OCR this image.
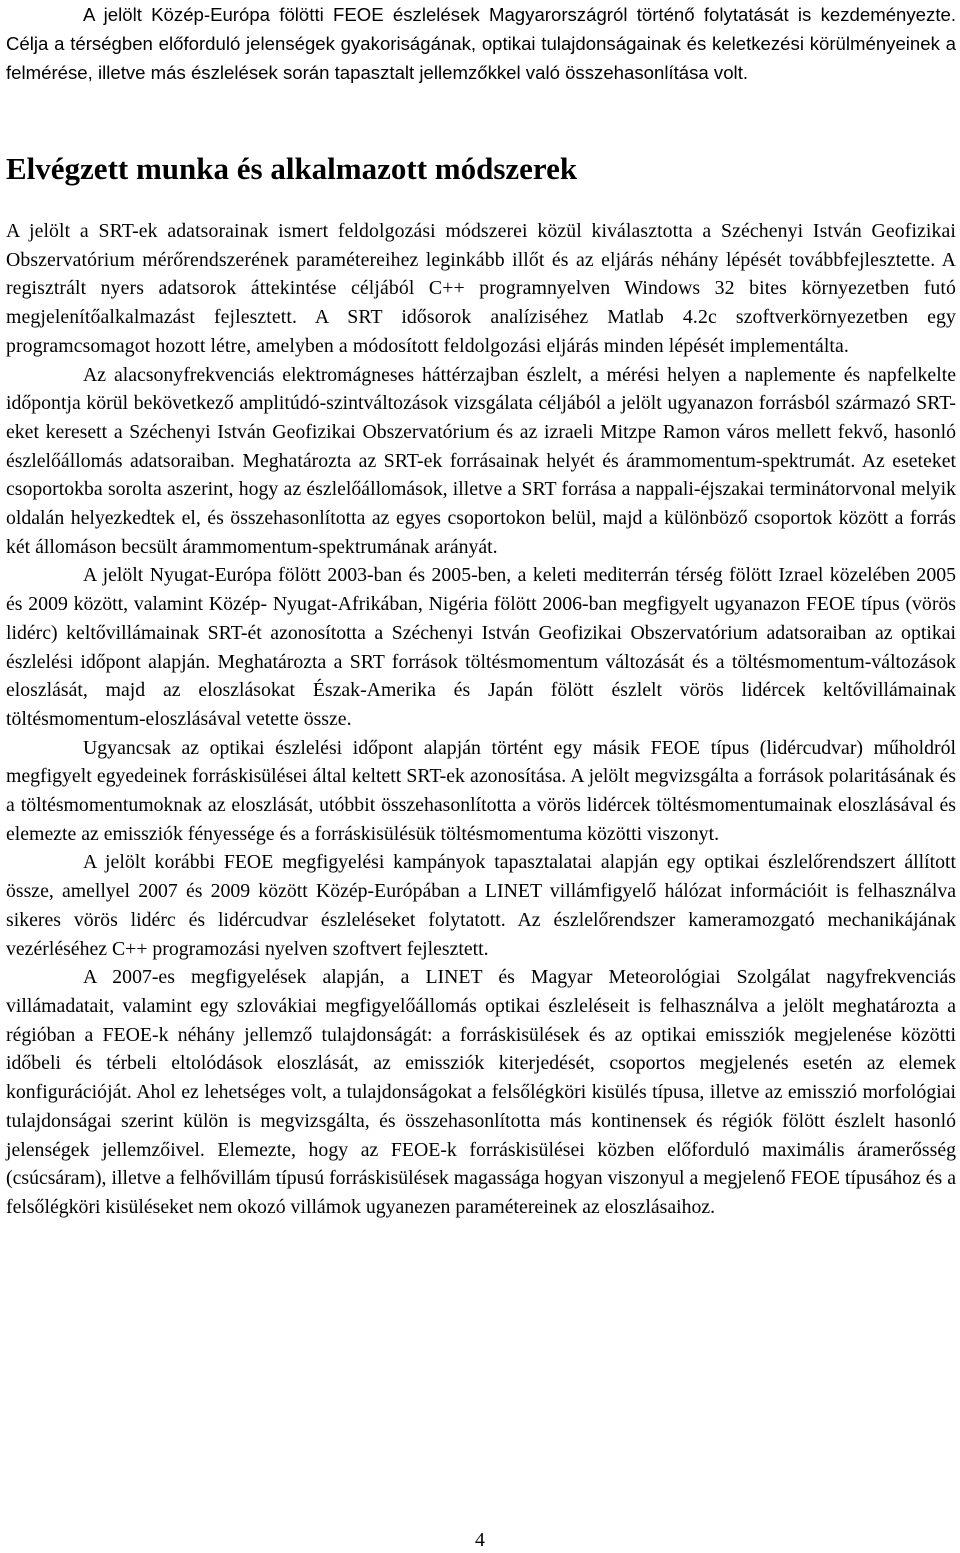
A jelölt Közép-Európa fölötti FEOE észlelések Magyarországról történő folytatását is kezdeményezte. Célja a térségben előforduló jelenségek gyakoriságának, optikai tulajdonságainak és keletkezési körülményeinek a felmérése, illetve más észlelések során tapasztalt jellemzőkkel való összehasonlítása volt.

Elvégzett munka és alkalmazott módszerek

A jelölt a SRT-ek adatsorainak ismert feldolgozási módszerei közül kiválasztotta a Széchenyi István Geofizikai Obszervatórium mérőrendszerének paramétereihez leginkább illőt és az eljárás néhány lépését továbbfejlesztette. A regisztrált nyers adatsorok áttekintése céljából C++ programnyelven Windows 32 bites környezetben futó megjelenítőalkalmazást fejlesztett. A SRT idősorok analíziséhez Matlab 4.2c szoftverkörnyezetben egy programcsomagot hozott létre, amelyben a módosított feldolgozási eljárás minden lépését implementálta.

Az alacsonyfrekvenciás elektromágneses háttérzajban észlelt, a mérési helyen a naplemente és napfelkelte időpontja körül bekövetkező amplitúdó-szintváltozások vizsgálata céljából a jelölt ugyanazon forrásból származó SRT-eket keresett a Széchenyi István Geofizikai Obszervatórium és az izraeli Mitzpe Ramon város mellett fekvő, hasonló észlelőállomás adatsoraiban. Meghatározta az SRT-ek forrásainak helyét és árammomentum-spektrumát. Az eseteket csoportokba sorolta aszerint, hogy az észlelőállomások, illetve a SRT forrása a nappali-éjszakai terminátorvonal melyik oldalán helyezkedtek el, és összehasonlította az egyes csoportokon belül, majd a különböző csoportok között a forrás két állomáson becsült árammomentum-spektrumának arányát.

A jelölt Nyugat-Európa fölött 2003-ban és 2005-ben, a keleti mediterrán térség fölött Izrael közelében 2005 és 2009 között, valamint Közép- Nyugat-Afrikában, Nigéria fölött 2006-ban megfigyelt ugyanazon FEOE típus (vörös lidérc) keltővillámainak SRT-ét azonosította a Széchenyi István Geofizikai Obszervatórium adatsoraiban az optikai észlelési időpont alapján. Meghatározta a SRT források töltésmomentum változását és a töltésmomentum-változások eloszlását, majd az eloszlásokat Észak-Amerika és Japán fölött észlelt vörös lidércek keltővillámainak töltésmomentum-eloszlásával vetette össze.

Ugyancsak az optikai észlelési időpont alapján történt egy másik FEOE típus (lidércudvar) műholdról megfigyelt egyedeinek forráskisülései által keltett SRT-ek azonosítása. A jelölt megvizsgálta a források polaritásának és a töltésmomentumoknak az eloszlását, utóbbit összehasonlította a vörös lidércek töltésmomentumainak eloszlásával és elemezte az emissziók fényessége és a forráskisülésük töltésmomentuma közötti viszonyt.

A jelölt korábbi FEOE megfigyelési kampányok tapasztalatai alapján egy optikai észlelőrendszert állított össze, amellyel 2007 és 2009 között Közép-Európában a LINET villámfigyelő hálózat információit is felhasználva sikeres vörös lidérc és lidércudvar észleléseket folytatott. Az észlelőrendszer kameramozgató mechanikájának vezérléséhez C++ programozási nyelven szoftvert fejlesztett.

A 2007-es megfigyelések alapján, a LINET és Magyar Meteorológiai Szolgálat nagyfrekvenciás villámadatait, valamint egy szlovákiai megfigyelőállomás optikai észleléseit is felhasználva a jelölt meghatározta a régióban a FEOE-k néhány jellemző tulajdonságát: a forráskisülések és az optikai emissziók megjelenése közötti időbeli és térbeli eltolódások eloszlását, az emissziók kiterjedését, csoportos megjelenés esetén az elemek konfigurációját. Ahol ez lehetséges volt, a tulajdonságokat a felsőlégköri kisülés típusa, illetve az emisszió morfológiai tulajdonságai szerint külön is megvizsgálta, és összehasonlította más kontinensek és régiók fölött észlelt hasonló jelenségek jellemzőivel. Elemezte, hogy az FEOE-k forráskisülései közben előforduló maximális áramerősség (csúcsáram), illetve a felhővillám típusú forráskisülések magassága hogyan viszonyul a megjelenő FEOE típusához és a felsőlégköri kisüléseket nem okozó villámok ugyanezen paramétereinek az eloszlásaihoz.

4
